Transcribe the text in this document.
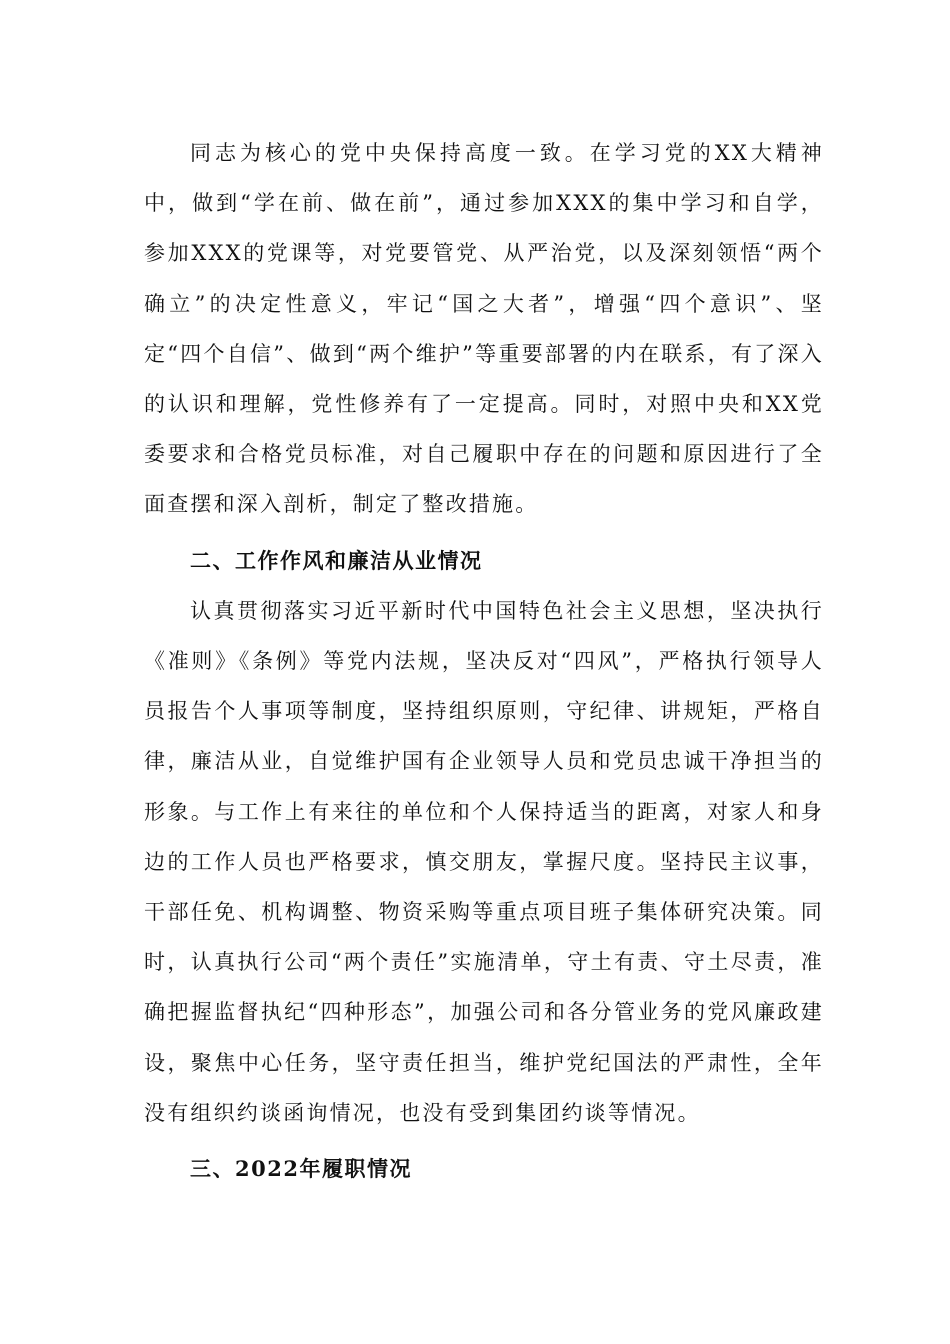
同志为核心的党中央保持高度一致。在学习党的XX大精神中，做到“学在前、做在前”，通过参加XXX的集中学习和自学，参加XXX的党课等，对党要管党、从严治党，以及深刻领悟“两个确立”的决定性意义，牢记“国之大者”，增强“四个意识”、坚定“四个自信”、做到“两个维护”等重要部署的内在联系，有了深入的认识和理解，党性修养有了一定提高。同时，对照中央和XX党委要求和合格党员标准，对自己履职中存在的问题和原因进行了全面查摆和深入剖析，制定了整改措施。

二、工作作风和廉洁从业情况

认真贯彻落实习近平新时代中国特色社会主义思想，坚决执行《准则》《条例》等党内法规，坚决反对“四风”，严格执行领导人员报告个人事项等制度，坚持组织原则，守纪律、讲规矩，严格自律，廉洁从业，自觉维护国有企业领导人员和党员忠诚干净担当的形象。与工作上有来往的单位和个人保持适当的距离，对家人和身边的工作人员也严格要求，慎交朋友，掌握尺度。坚持民主议事，干部任免、机构调整、物资采购等重点项目班子集体研究决策。同时，认真执行公司“两个责任”实施清单，守土有责、守土尽责，准确把握监督执纪“四种形态”，加强公司和各分管业务的党风廉政建设，聚焦中心任务，坚守责任担当，维护党纪国法的严肃性，全年没有组织约谈函询情况，也没有受到集团约谈等情况。

三、2022年履职情况
